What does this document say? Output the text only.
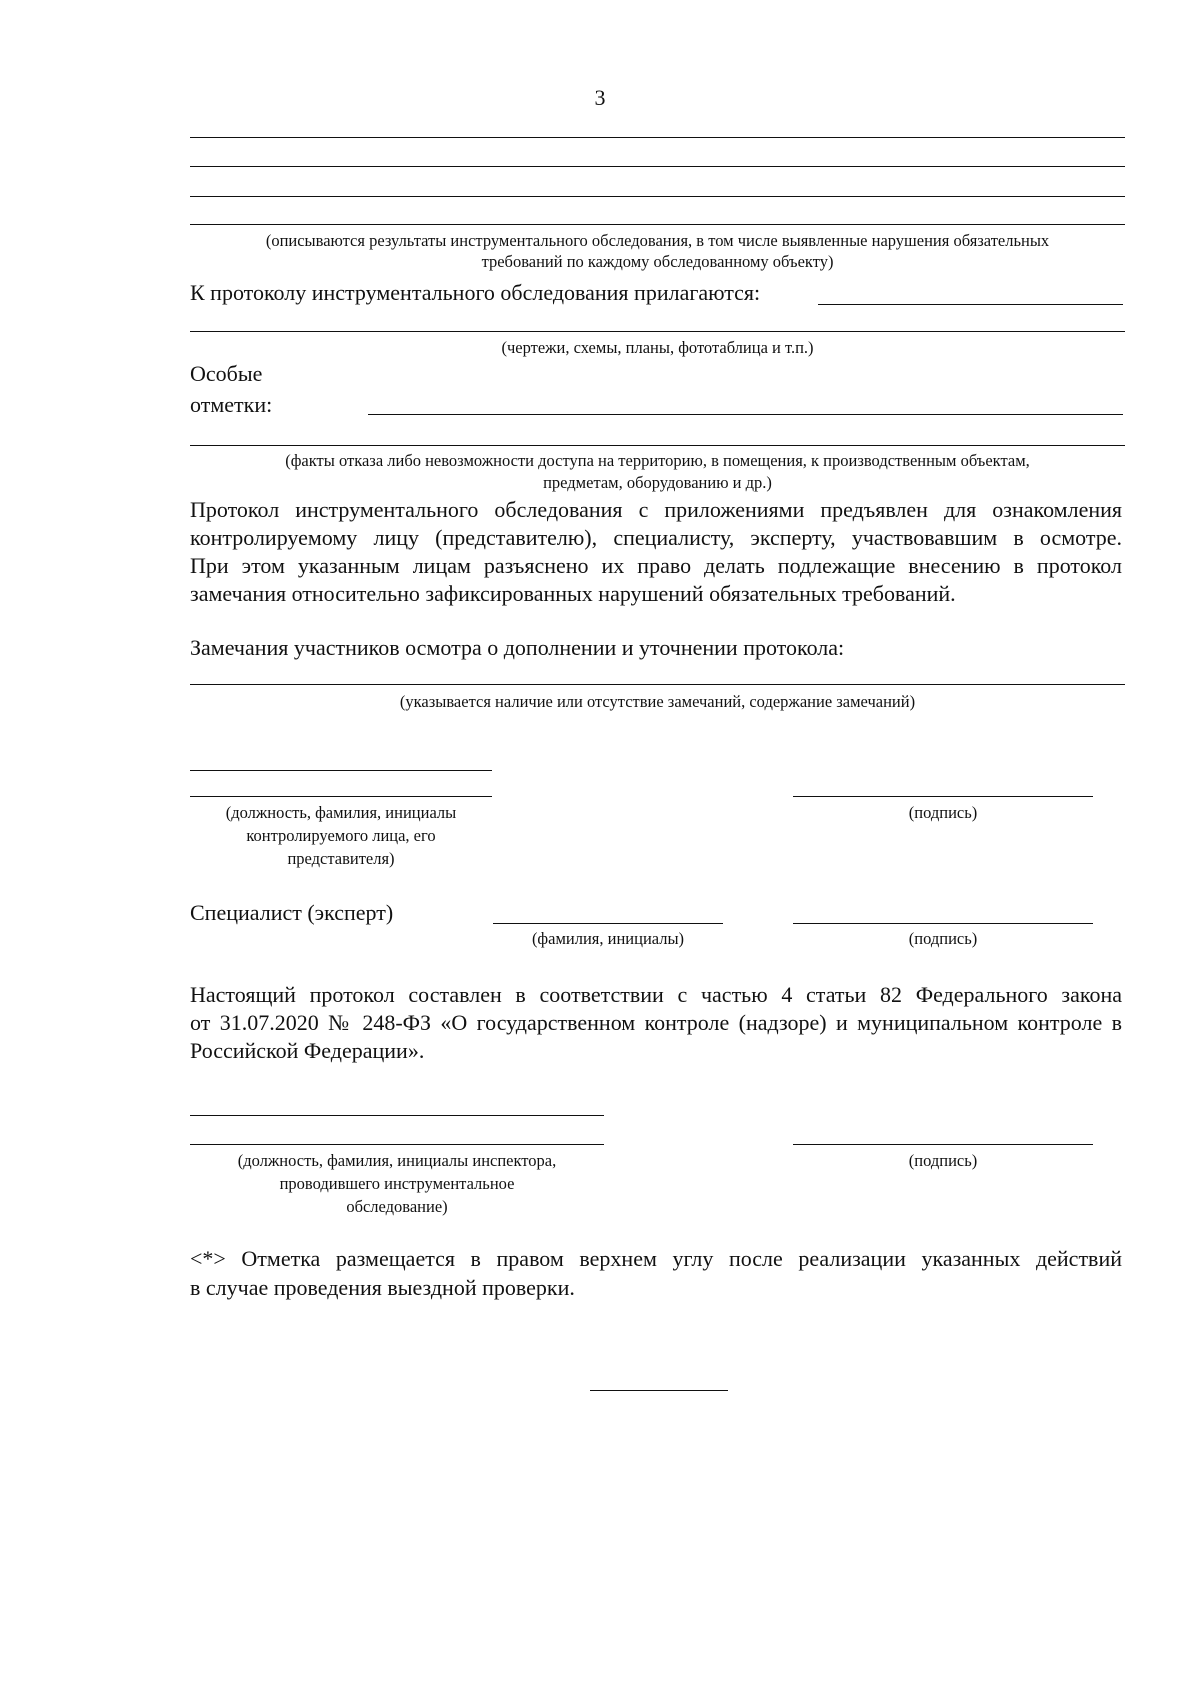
3
(описываются результаты инструментального обследования, в том числе выявленные нарушения обязательных
требований по каждому обследованному объекту)
К протоколу инструментального обследования прилагаются:
(чертежи, схемы, планы, фототаблица и т.п.)
Особые
отметки:
(факты отказа либо невозможности доступа на территорию, в помещения, к производственным объектам,
предметам, оборудованию и др.)
Протокол инструментального обследования с приложениями предъявлен для ознакомления
контролируемому лицу (представителю), специалисту, эксперту, участвовавшим в осмотре.
При этом указанным лицам разъяснено их право делать подлежащие внесению в протокол
замечания относительно зафиксированных нарушений обязательных требований.
Замечания участников осмотра о дополнении и уточнении протокола:
(указывается наличие или отсутствие замечаний, содержание замечаний)
(должность, фамилия, инициалы
контролируемого лица, его
представителя)
(подпись)
Специалист (эксперт)
(фамилия, инициалы)	(подпись)
Настоящий протокол составлен в соответствии с частью 4 статьи 82 Федерального закона
от 31.07.2020 № 248-ФЗ «О государственном контроле (надзоре) и муниципальном контроле в
Российской Федерации».
(должность, фамилия, инициалы инспектора,
проводившего инструментальное
обследование)
(подпись)
<*> Отметка размещается в правом верхнем углу после реализации указанных действий
в случае проведения выездной проверки.
